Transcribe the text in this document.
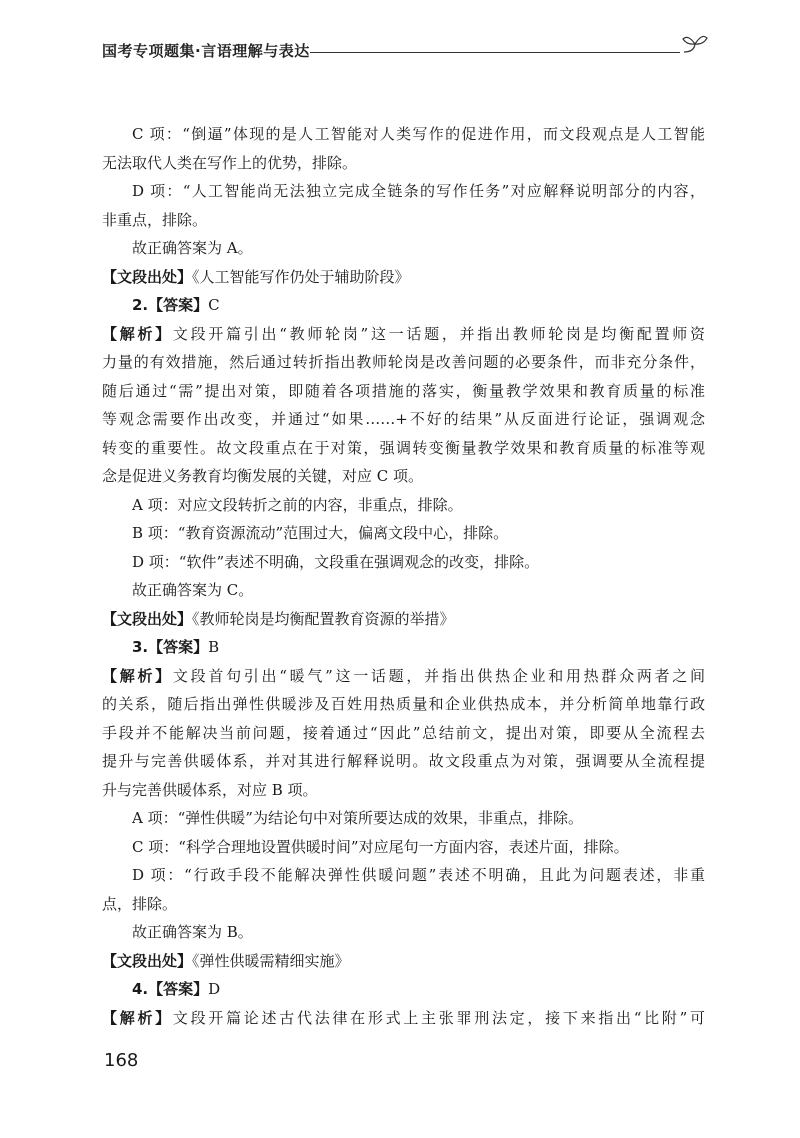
国考专项题集·言语理解与表达
C 项：“倒逼”体现的是人工智能对人类写作的促进作用，而文段观点是人工智能
无法取代人类在写作上的优势，排除。
D 项：“人工智能尚无法独立完成全链条的写作任务”对应解释说明部分的内容，
非重点，排除。
故正确答案为 A。
【文段出处】《人工智能写作仍处于辅助阶段》
2.【答案】C
【解析】文段开篇引出“教师轮岗”这一话题，并指出教师轮岗是均衡配置师资
力量的有效措施，然后通过转折指出教师轮岗是改善问题的必要条件，而非充分条件，
随后通过“需”提出对策，即随着各项措施的落实，衡量教学效果和教育质量的标准
等观念需要作出改变，并通过“如果……+不好的结果”从反面进行论证，强调观念
转变的重要性。故文段重点在于对策，强调转变衡量教学效果和教育质量的标准等观
念是促进义务教育均衡发展的关键，对应 C 项。
A 项：对应文段转折之前的内容，非重点，排除。
B 项：“教育资源流动”范围过大，偏离文段中心，排除。
D 项：“软件”表述不明确，文段重在强调观念的改变，排除。
故正确答案为 C。
【文段出处】《教师轮岗是均衡配置教育资源的举措》
3.【答案】B
【解析】文段首句引出“暖气”这一话题，并指出供热企业和用热群众两者之间
的关系，随后指出弹性供暖涉及百姓用热质量和企业供热成本，并分析简单地靠行政
手段并不能解决当前问题，接着通过“因此”总结前文，提出对策，即要从全流程去
提升与完善供暖体系，并对其进行解释说明。故文段重点为对策，强调要从全流程提
升与完善供暖体系，对应 B 项。
A 项：“弹性供暖”为结论句中对策所要达成的效果，非重点，排除。
C 项：“科学合理地设置供暖时间”对应尾句一方面内容，表述片面，排除。
D 项：“行政手段不能解决弹性供暖问题”表述不明确，且此为问题表述，非重
点，排除。
故正确答案为 B。
【文段出处】《弹性供暖需精细实施》
4.【答案】D
【解析】文段开篇论述古代法律在形式上主张罪刑法定，接下来指出“比附”可
168
